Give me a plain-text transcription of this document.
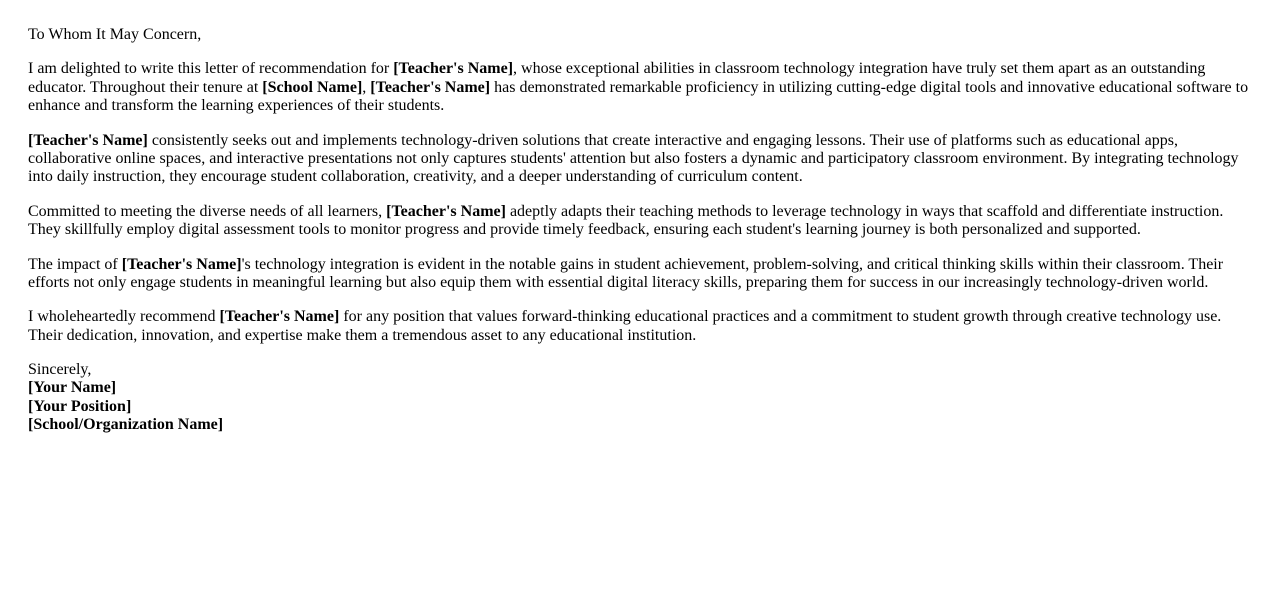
To Whom It May Concern,

I am delighted to write this letter of recommendation for [Teacher's Name], whose exceptional abilities in classroom technology integration have truly set them apart as an outstanding educator. Throughout their tenure at [School Name], [Teacher's Name] has demonstrated remarkable proficiency in utilizing cutting-edge digital tools and innovative educational software to enhance and transform the learning experiences of their students.

[Teacher's Name] consistently seeks out and implements technology-driven solutions that create interactive and engaging lessons. Their use of platforms such as educational apps, collaborative online spaces, and interactive presentations not only captures students' attention but also fosters a dynamic and participatory classroom environment. By integrating technology into daily instruction, they encourage student collaboration, creativity, and a deeper understanding of curriculum content.

Committed to meeting the diverse needs of all learners, [Teacher's Name] adeptly adapts their teaching methods to leverage technology in ways that scaffold and differentiate instruction. They skillfully employ digital assessment tools to monitor progress and provide timely feedback, ensuring each student's learning journey is both personalized and supported.

The impact of [Teacher's Name]'s technology integration is evident in the notable gains in student achievement, problem-solving, and critical thinking skills within their classroom. Their efforts not only engage students in meaningful learning but also equip them with essential digital literacy skills, preparing them for success in our increasingly technology-driven world.

I wholeheartedly recommend [Teacher's Name] for any position that values forward-thinking educational practices and a commitment to student growth through creative technology use. Their dedication, innovation, and expertise make them a tremendous asset to any educational institution.

Sincerely,
[Your Name]
[Your Position]
[School/Organization Name]
